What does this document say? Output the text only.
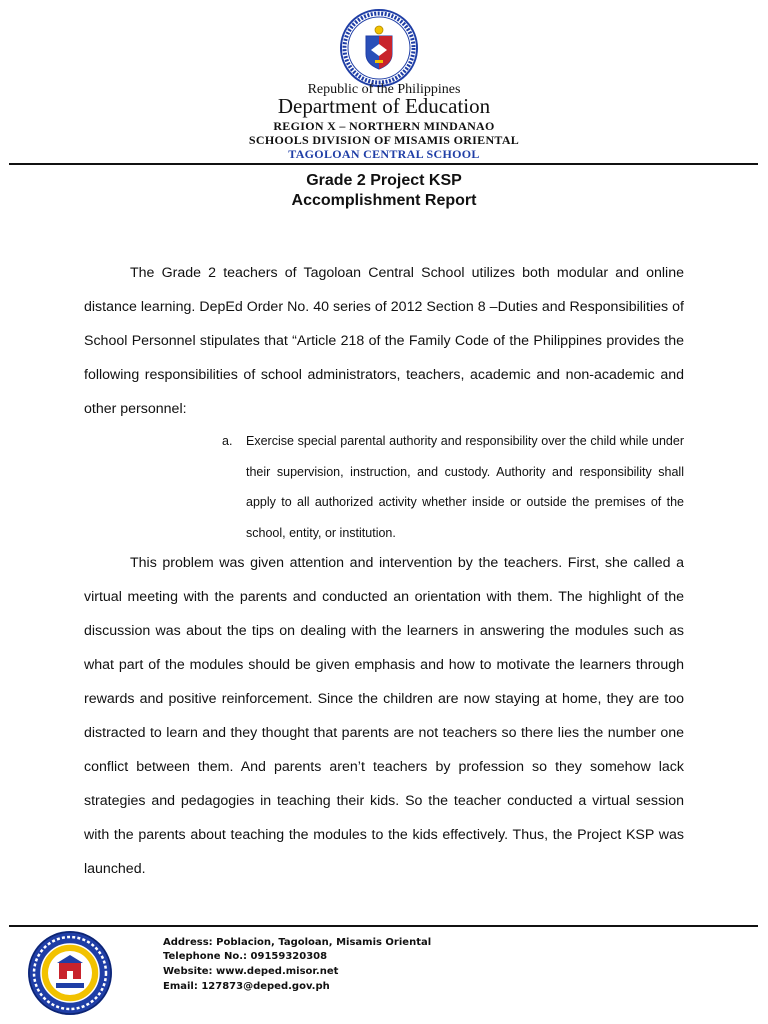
Republic of the Philippines
Department of Education
REGION X – NORTHERN MINDANAO
SCHOOLS DIVISION OF MISAMIS ORIENTAL
TAGOLOAN CENTRAL SCHOOL
Grade 2 Project KSP
Accomplishment Report

The Grade 2 teachers of Tagoloan Central School utilizes both modular and online distance learning. DepEd Order No. 40 series of 2012 Section 8 –Duties and Responsibilities of School Personnel stipulates that “Article 218 of the Family Code of the Philippines provides the following responsibilities of school administrators, teachers, academic and non-academic and other personnel:

a. Exercise special parental authority and responsibility over the child while under their supervision, instruction, and custody. Authority and responsibility shall apply to all authorized activity whether inside or outside the premises of the school, entity, or institution.

This problem was given attention and intervention by the teachers. First, she called a virtual meeting with the parents and conducted an orientation with them. The highlight of the discussion was about the tips on dealing with the learners in answering the modules such as what part of the modules should be given emphasis and how to motivate the learners through rewards and positive reinforcement. Since the children are now staying at home, they are too distracted to learn and they thought that parents are not teachers so there lies the number one conflict between them. And parents aren’t teachers by profession so they somehow lack strategies and pedagogies in teaching their kids. So the teacher conducted a virtual session with the parents about teaching the modules to the kids effectively. Thus, the Project KSP was launched.

Address: Poblacion, Tagoloan, Misamis Oriental
Telephone No.: 09159320308
Website: www.deped.misor.net
Email: 127873@deped.gov.ph
